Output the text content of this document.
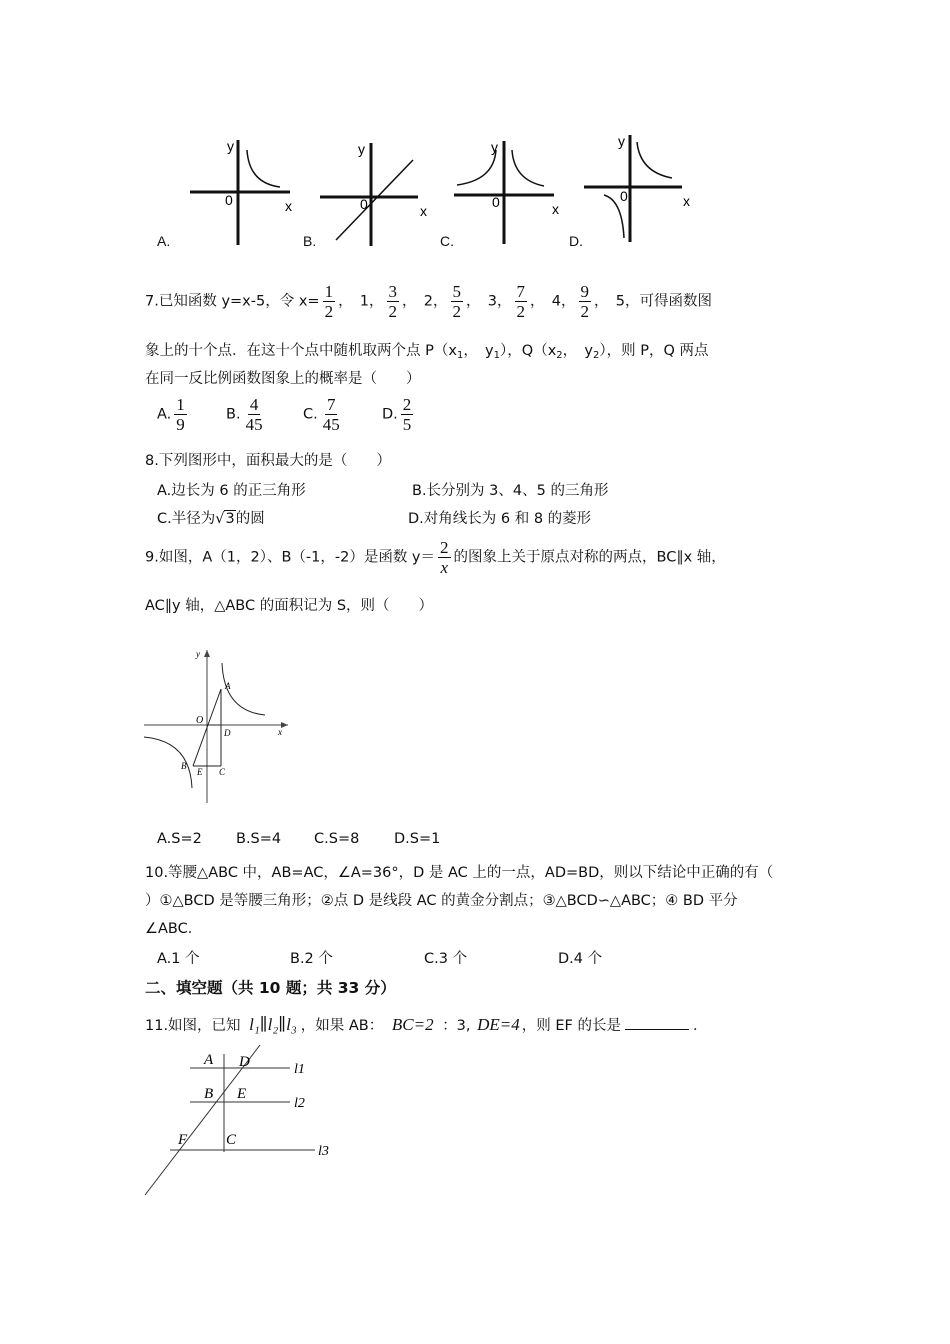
A.
y
x
0
B.
y
x
0
C.
y
x
0
D.
y
x
0
7.已知函数 y=x-5，令 $x= \frac{1}{2}$ ，　1， $\frac{3}{2}$ ，　2， $\frac{5}{2}$ ，　3， $\frac{7}{2}$ ，　4， $\frac{9}{2}$ ，　5，可得函数图
象上的十个点．在这十个点中随机取两个点 $P(x_1$，　$y_1$），$Q(x_2$，　$y_2$），则 P，Q 两点
在同一反比例函数图象上的概率是（　　）
A. $\frac{1}{9}$	B. $\frac{4}{45}$	C. $\frac{7}{45}$	D. $\frac{2}{5}$
8.下列图形中，面积最大的是（　　）
A.边长为 6 的正三角形	B.长分别为 3、4、5 的三角形
C.半径为√3的圆	D.对角线长为 6 和 8 的菱形
9.如图，A（1，2）、B（-1，-2）是函数 $y= \frac{2}{x}$ 的图象上关于原点对称的两点，BC∥x 轴，
AC∥y 轴，△ABC 的面积记为 S，则（　　）
y
x
O
A
B
C
D
E
A.S=2 B.S=4 C.S=8 D.S=1
10.等腰△ABC 中，AB=AC，∠A=36°，D 是 AC 上的一点，AD=BD，则以下结论中正确的有（
）①△BCD 是等腰三角形；②点 D 是线段 AC 的黄金分割点；③△BCD∽△ABC；④ BD 平分
∠ABC．
A.1 个	B.2 个	C.3 个	D.4 个
二、填空题（共 10 题；共 33 分）
11.如图，已知 l₁∥l₂∥l₃ ，如果 AB： BC=2 ：3, DE=4 ，则 EF 的长是	．
A D
B E
F	C
l1
l2
l3
